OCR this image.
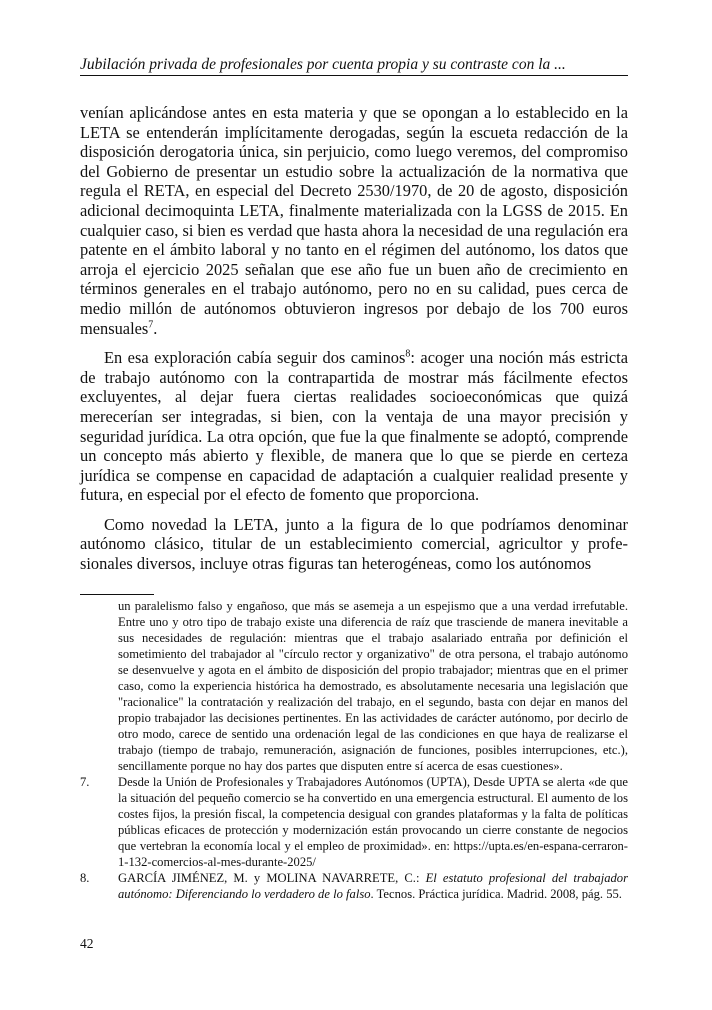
Jubilación privada de profesionales por cuenta propia y su contraste con la ...

venían aplicándose antes en esta materia y que se opongan a lo establecido en la LETA se entenderán implícitamente derogadas, según la escueta redacción de la disposición derogatoria única, sin perjuicio, como luego veremos, del compromiso del Gobierno de presentar un estudio sobre la actualización de la normativa que regula el RETA, en especial del Decreto 2530/1970, de 20 de agosto, disposición adicional decimoquinta LETA, finalmente materializada con la LGSS de 2015. En cualquier caso, si bien es verdad que hasta ahora la necesidad de una regulación era patente en el ámbito laboral y no tanto en el régimen del autónomo, los datos que arroja el ejercicio 2025 señalan que ese año fue un buen año de crecimiento en términos generales en el trabajo autónomo, pero no en su calidad, pues cerca de medio millón de autónomos obtuvieron ingresos por debajo de los 700 euros mensuales$^7$.

En esa exploración cabía seguir dos caminos$^8$: acoger una noción más estricta de trabajo autónomo con la contrapartida de mostrar más fácilmente efectos excluyentes, al dejar fuera ciertas realidades socioeconómicas que quizá merecerían ser integradas, si bien, con la ventaja de una mayor precisión y seguridad jurídica. La otra opción, que fue la que finalmente se adoptó, comprende un concepto más abierto y flexible, de manera que lo que se pierde en certeza jurídica se compense en capacidad de adaptación a cualquier realidad presente y futura, en especial por el efecto de fomento que proporciona.

Como novedad la LETA, junto a la figura de lo que podríamos denominar autónomo clásico, titular de un establecimiento comercial, agricultor y profesionales diversos, incluye otras figuras tan heterogéneas, como los autónomos

un paralelismo falso y engañoso, que más se asemeja a un espejismo que a una verdad irrefutable. Entre uno y otro tipo de trabajo existe una diferencia de raíz que trasciende de manera inevitable a sus necesidades de regulación: mientras que el trabajo asalariado entraña por definición el sometimiento del trabajador al "círculo rector y organizativo" de otra persona, el trabajo autónomo se desenvuelve y agota en el ámbito de disposición del propio trabajador; mientras que en el primer caso, como la experiencia histórica ha demostrado, es absolutamente necesaria una legislación que "racionalice" la contratación y realización del trabajo, en el segundo, basta con dejar en manos del propio trabajador las decisiones pertinentes. En las actividades de carácter autónomo, por decirlo de otro modo, carece de sentido una ordenación legal de las condiciones en que haya de realizarse el trabajo (tiempo de trabajo, remuneración, asignación de funciones, posibles interrupciones, etc.), sencillamente porque no hay dos partes que disputen entre sí acerca de esas cuestiones».
7.	Desde la Unión de Profesionales y Trabajadores Autónomos (UPTA), Desde UPTA se alerta «de que la situación del pequeño comercio se ha convertido en una emergencia estructural. El aumento de los costes fijos, la presión fiscal, la competencia desigual con grandes plataformas y la falta de políticas públicas eficaces de protección y modernización están provocando un cierre constante de negocios que vertebran la economía local y el empleo de proximidad». en: https://upta.es/en-espana-cerraron-1-132-comercios-al-mes-durante-2025/
8.	GARCÍA JIMÉNEZ, M. y MOLINA NAVARRETE, C.: El estatuto profesional del trabajador autónomo: Diferenciando lo verdadero de lo falso. Tecnos. Práctica jurídica. Madrid. 2008, pág. 55.
42
